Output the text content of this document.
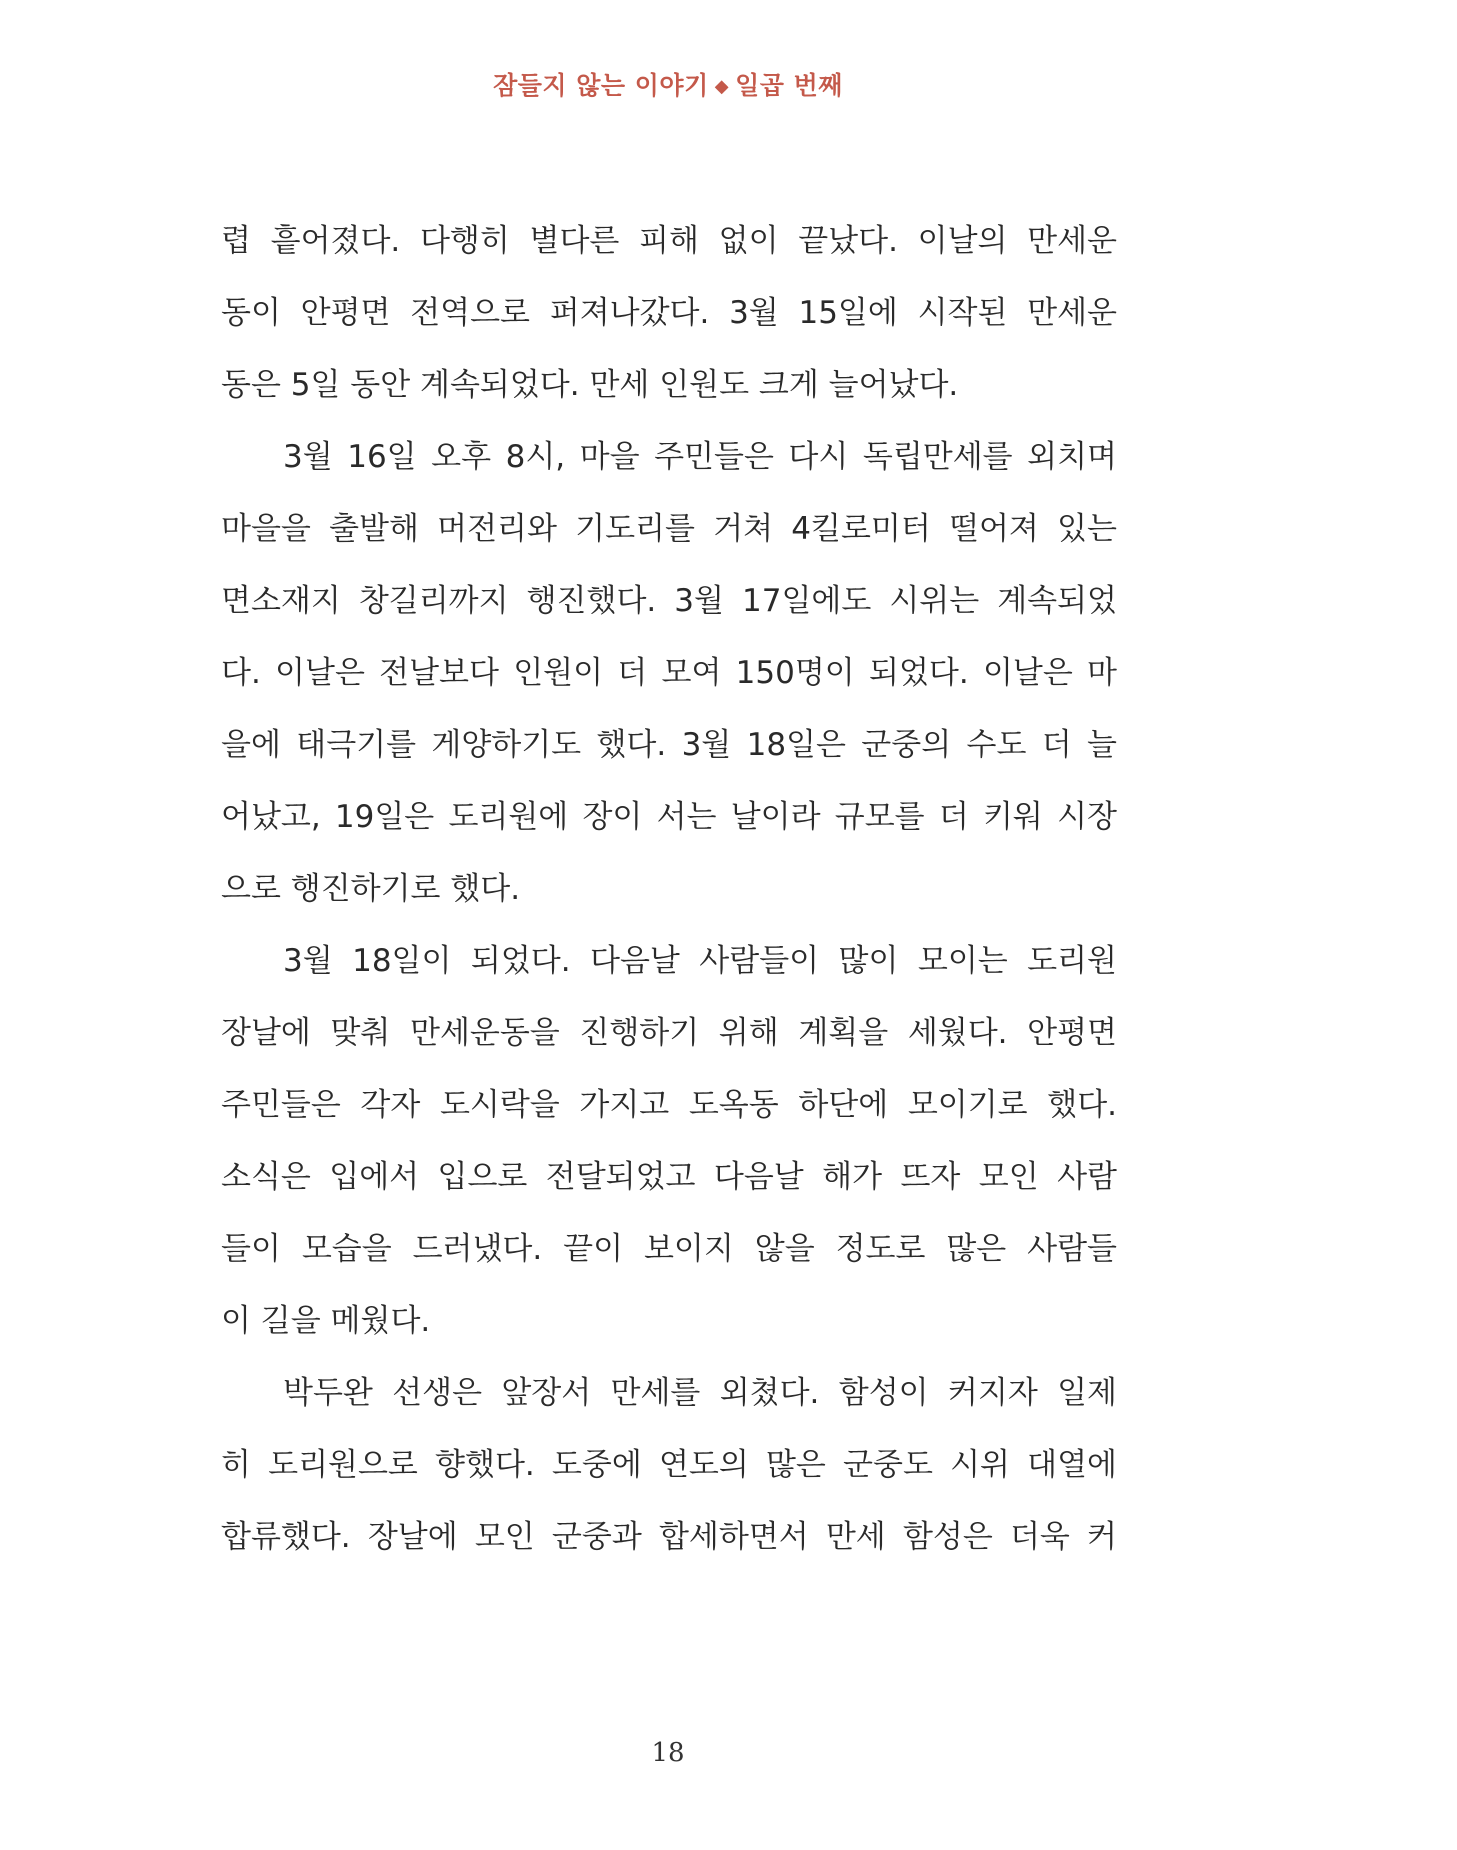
잠들지 않는 이야기 ◆ 일곱 번째
렵 흩어졌다. 다행히 별다른 피해 없이 끝났다. 이날의 만세운
동이 안평면 전역으로 퍼져나갔다. 3월 15일에 시작된 만세운
동은 5일 동안 계속되었다. 만세 인원도 크게 늘어났다.
3월 16일 오후 8시, 마을 주민들은 다시 독립만세를 외치며
마을을 출발해 머전리와 기도리를 거쳐 4킬로미터 떨어져 있는
면소재지 창길리까지 행진했다. 3월 17일에도 시위는 계속되었
다. 이날은 전날보다 인원이 더 모여 150명이 되었다. 이날은 마
을에 태극기를 게양하기도 했다. 3월 18일은 군중의 수도 더 늘
어났고, 19일은 도리원에 장이 서는 날이라 규모를 더 키워 시장
으로 행진하기로 했다.
3월 18일이 되었다. 다음날 사람들이 많이 모이는 도리원
장날에 맞춰 만세운동을 진행하기 위해 계획을 세웠다. 안평면
주민들은 각자 도시락을 가지고 도옥동 하단에 모이기로 했다.
소식은 입에서 입으로 전달되었고 다음날 해가 뜨자 모인 사람
들이 모습을 드러냈다. 끝이 보이지 않을 정도로 많은 사람들
이 길을 메웠다.
박두완 선생은 앞장서 만세를 외쳤다. 함성이 커지자 일제
히 도리원으로 향했다. 도중에 연도의 많은 군중도 시위 대열에
합류했다. 장날에 모인 군중과 합세하면서 만세 함성은 더욱 커
18
